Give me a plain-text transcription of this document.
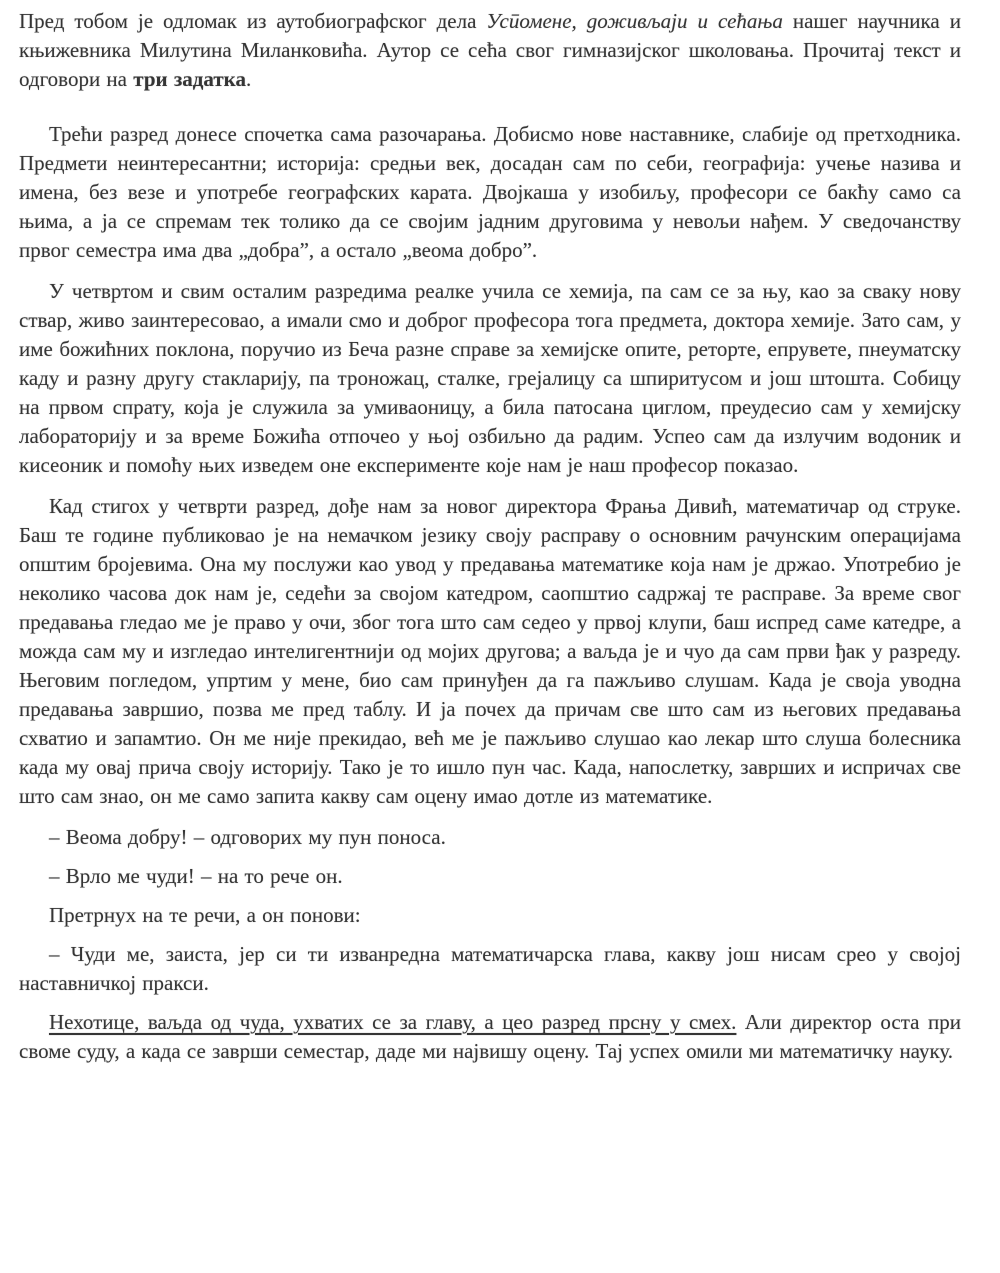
Пред тобом је одломак из аутобиографског дела Успомене, доживљаји и сећања нашег научника и књижевника Милутина Миланковића. Аутор се сећа свог гимназијског школовања. Прочитај текст и одговори на три задатка.

Трећи разред донесе спочетка сама разочарања. Добисмо нове наставнике, слабије од претходника. Предмети неинтересантни; историја: средњи век, досадан сам по себи, географија: учење назива и имена, без везе и употребе географских карата. Двојкаша у изобиљу, професори се бакћу само са њима, а ја се спремам тек толико да се својим јадним друговима у невољи нађем. У сведочанству првог семестра има два „добра”, а остало „веома добро”.

У четвртом и свим осталим разредима реалке учила се хемија, па сам се за њу, као за сваку нову ствар, живо заинтересовао, а имали смо и доброг професора тога предмета, доктора хемије. Зато сам, у име божићних поклона, поручио из Беча разне справе за хемијске опите, реторте, епрувете, пнеуматску каду и разну другу стакларију, па троножац, сталке, грејалицу са шпиритусом и још штошта. Собицу на првом спрату, која је служила за умиваоницу, а била патосана циглом, преудесио сам у хемијску лабораторију и за време Божића отпочео у њој озбиљно да радим. Успео сам да излучим водоник и кисеоник и помоћу њих изведем оне експерименте које нам је наш професор показао.

Кад стигох у четврти разред, дође нам за новог директора Фрања Дивић, математичар од струке. Баш те године публиковао је на немачком језику своју расправу о основним рачунским операцијама општим бројевима. Она му послужи као увод у предавања математике која нам је држао. Употребио је неколико часова док нам је, седећи за својом катедром, саопштио садржај те расправе. За време свог предавања гледао ме је право у очи, због тога што сам седео у првој клупи, баш испред саме катедре, а можда сам му и изгледао интелигентнији од мојих другова; а ваљда је и чуо да сам први ђак у разреду. Његовим погледом, упртим у мене, био сам принуђен да га пажљиво слушам. Када је своја уводна предавања завршио, позва ме пред таблу. И ја почех да причам све што сам из његових предавања схватио и запамтио. Он ме није прекидао, већ ме је пажљиво слушао као лекар што слуша болесника када му овај прича своју историју. Тако је то ишло пун час. Када, напослетку, заврших и испричах све што сам знао, он ме само запита какву сам оцену имао дотле из математике.

– Веома добру! – одговорих му пун поноса.

– Врло ме чуди! – на то рече он.

Претрнух на те речи, а он понови:

– Чуди ме, заиста, јер си ти изванредна математичарска глава, какву још нисам срео у својој наставничкој пракси.

Нехотице, ваљда од чуда, ухватих се за главу, а цео разред прсну у смех. Али директор оста при своме суду, а када се заврши семестар, даде ми највишу оцену. Тај успех омили ми математичку науку.
